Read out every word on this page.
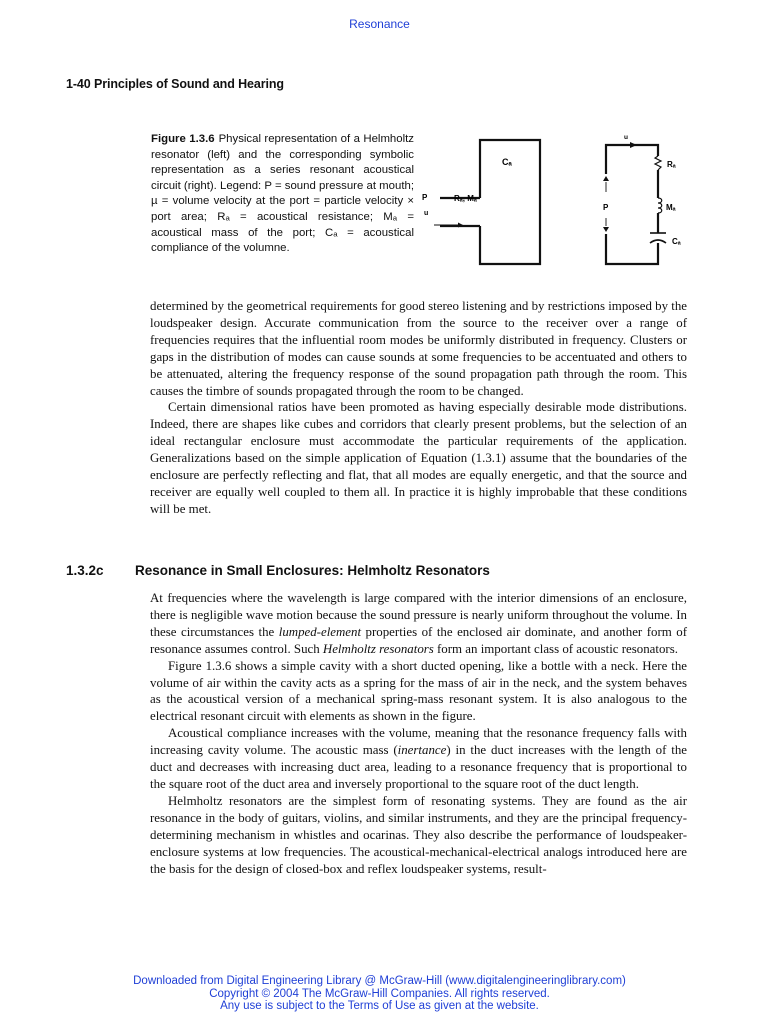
Resonance
1-40 Principles of Sound and Hearing

Figure 1.3.6 Physical representation of a Helmholtz resonator (left) and the corresponding symbolic representation as a series resonant acoustical circuit (right). Legend: P = sound pressure at mouth; µ = volume velocity at the port = particle velocity × port area; Rₐ = acoustical resistance; Mₐ = acoustical mass of the port; Cₐ = acoustical compliance of the volumne.

Cₐ
Rₐ, Mₐ
P
u
u
Rₐ
Mₐ
Cₐ
P

determined by the geometrical requirements for good stereo listening and by restrictions imposed by the loudspeaker design. Accurate communication from the source to the receiver over a range of frequencies requires that the influential room modes be uniformly distributed in frequency. Clusters or gaps in the distribution of modes can cause sounds at some frequencies to be accentuated and others to be attenuated, altering the frequency response of the sound propagation path through the room. This causes the timbre of sounds propagated through the room to be changed.

Certain dimensional ratios have been promoted as having especially desirable mode distributions. Indeed, there are shapes like cubes and corridors that clearly present problems, but the selection of an ideal rectangular enclosure must accommodate the particular requirements of the application. Generalizations based on the simple application of Equation (1.3.1) assume that the boundaries of the enclosure are perfectly reflecting and flat, that all modes are equally energetic, and that the source and receiver are equally well coupled to them all. In practice it is highly improbable that these conditions will be met.

1.3.2c Resonance in Small Enclosures: Helmholtz Resonators

At frequencies where the wavelength is large compared with the interior dimensions of an enclosure, there is negligible wave motion because the sound pressure is nearly uniform throughout the volume. In these circumstances the lumped-element properties of the enclosed air dominate, and another form of resonance assumes control. Such Helmholtz resonators form an important class of acoustic resonators.

Figure 1.3.6 shows a simple cavity with a short ducted opening, like a bottle with a neck. Here the volume of air within the cavity acts as a spring for the mass of air in the neck, and the system behaves as the acoustical version of a mechanical spring-mass resonant system. It is also analogous to the electrical resonant circuit with elements as shown in the figure.

Acoustical compliance increases with the volume, meaning that the resonance frequency falls with increasing cavity volume. The acoustic mass (inertance) in the duct increases with the length of the duct and decreases with increasing duct area, leading to a resonance frequency that is proportional to the square root of the duct area and inversely proportional to the square root of the duct length.

Helmholtz resonators are the simplest form of resonating systems. They are found as the air resonance in the body of guitars, violins, and similar instruments, and they are the principal frequency-determining mechanism in whistles and ocarinas. They also describe the performance of loudspeaker-enclosure systems at low frequencies. The acoustical-mechanical-electrical analogs introduced here are the basis for the design of closed-box and reflex loudspeaker systems, result-

Downloaded from Digital Engineering Library @ McGraw-Hill (www.digitalengineeringlibrary.com)
Copyright © 2004 The McGraw-Hill Companies. All rights reserved.
Any use is subject to the Terms of Use as given at the website.
